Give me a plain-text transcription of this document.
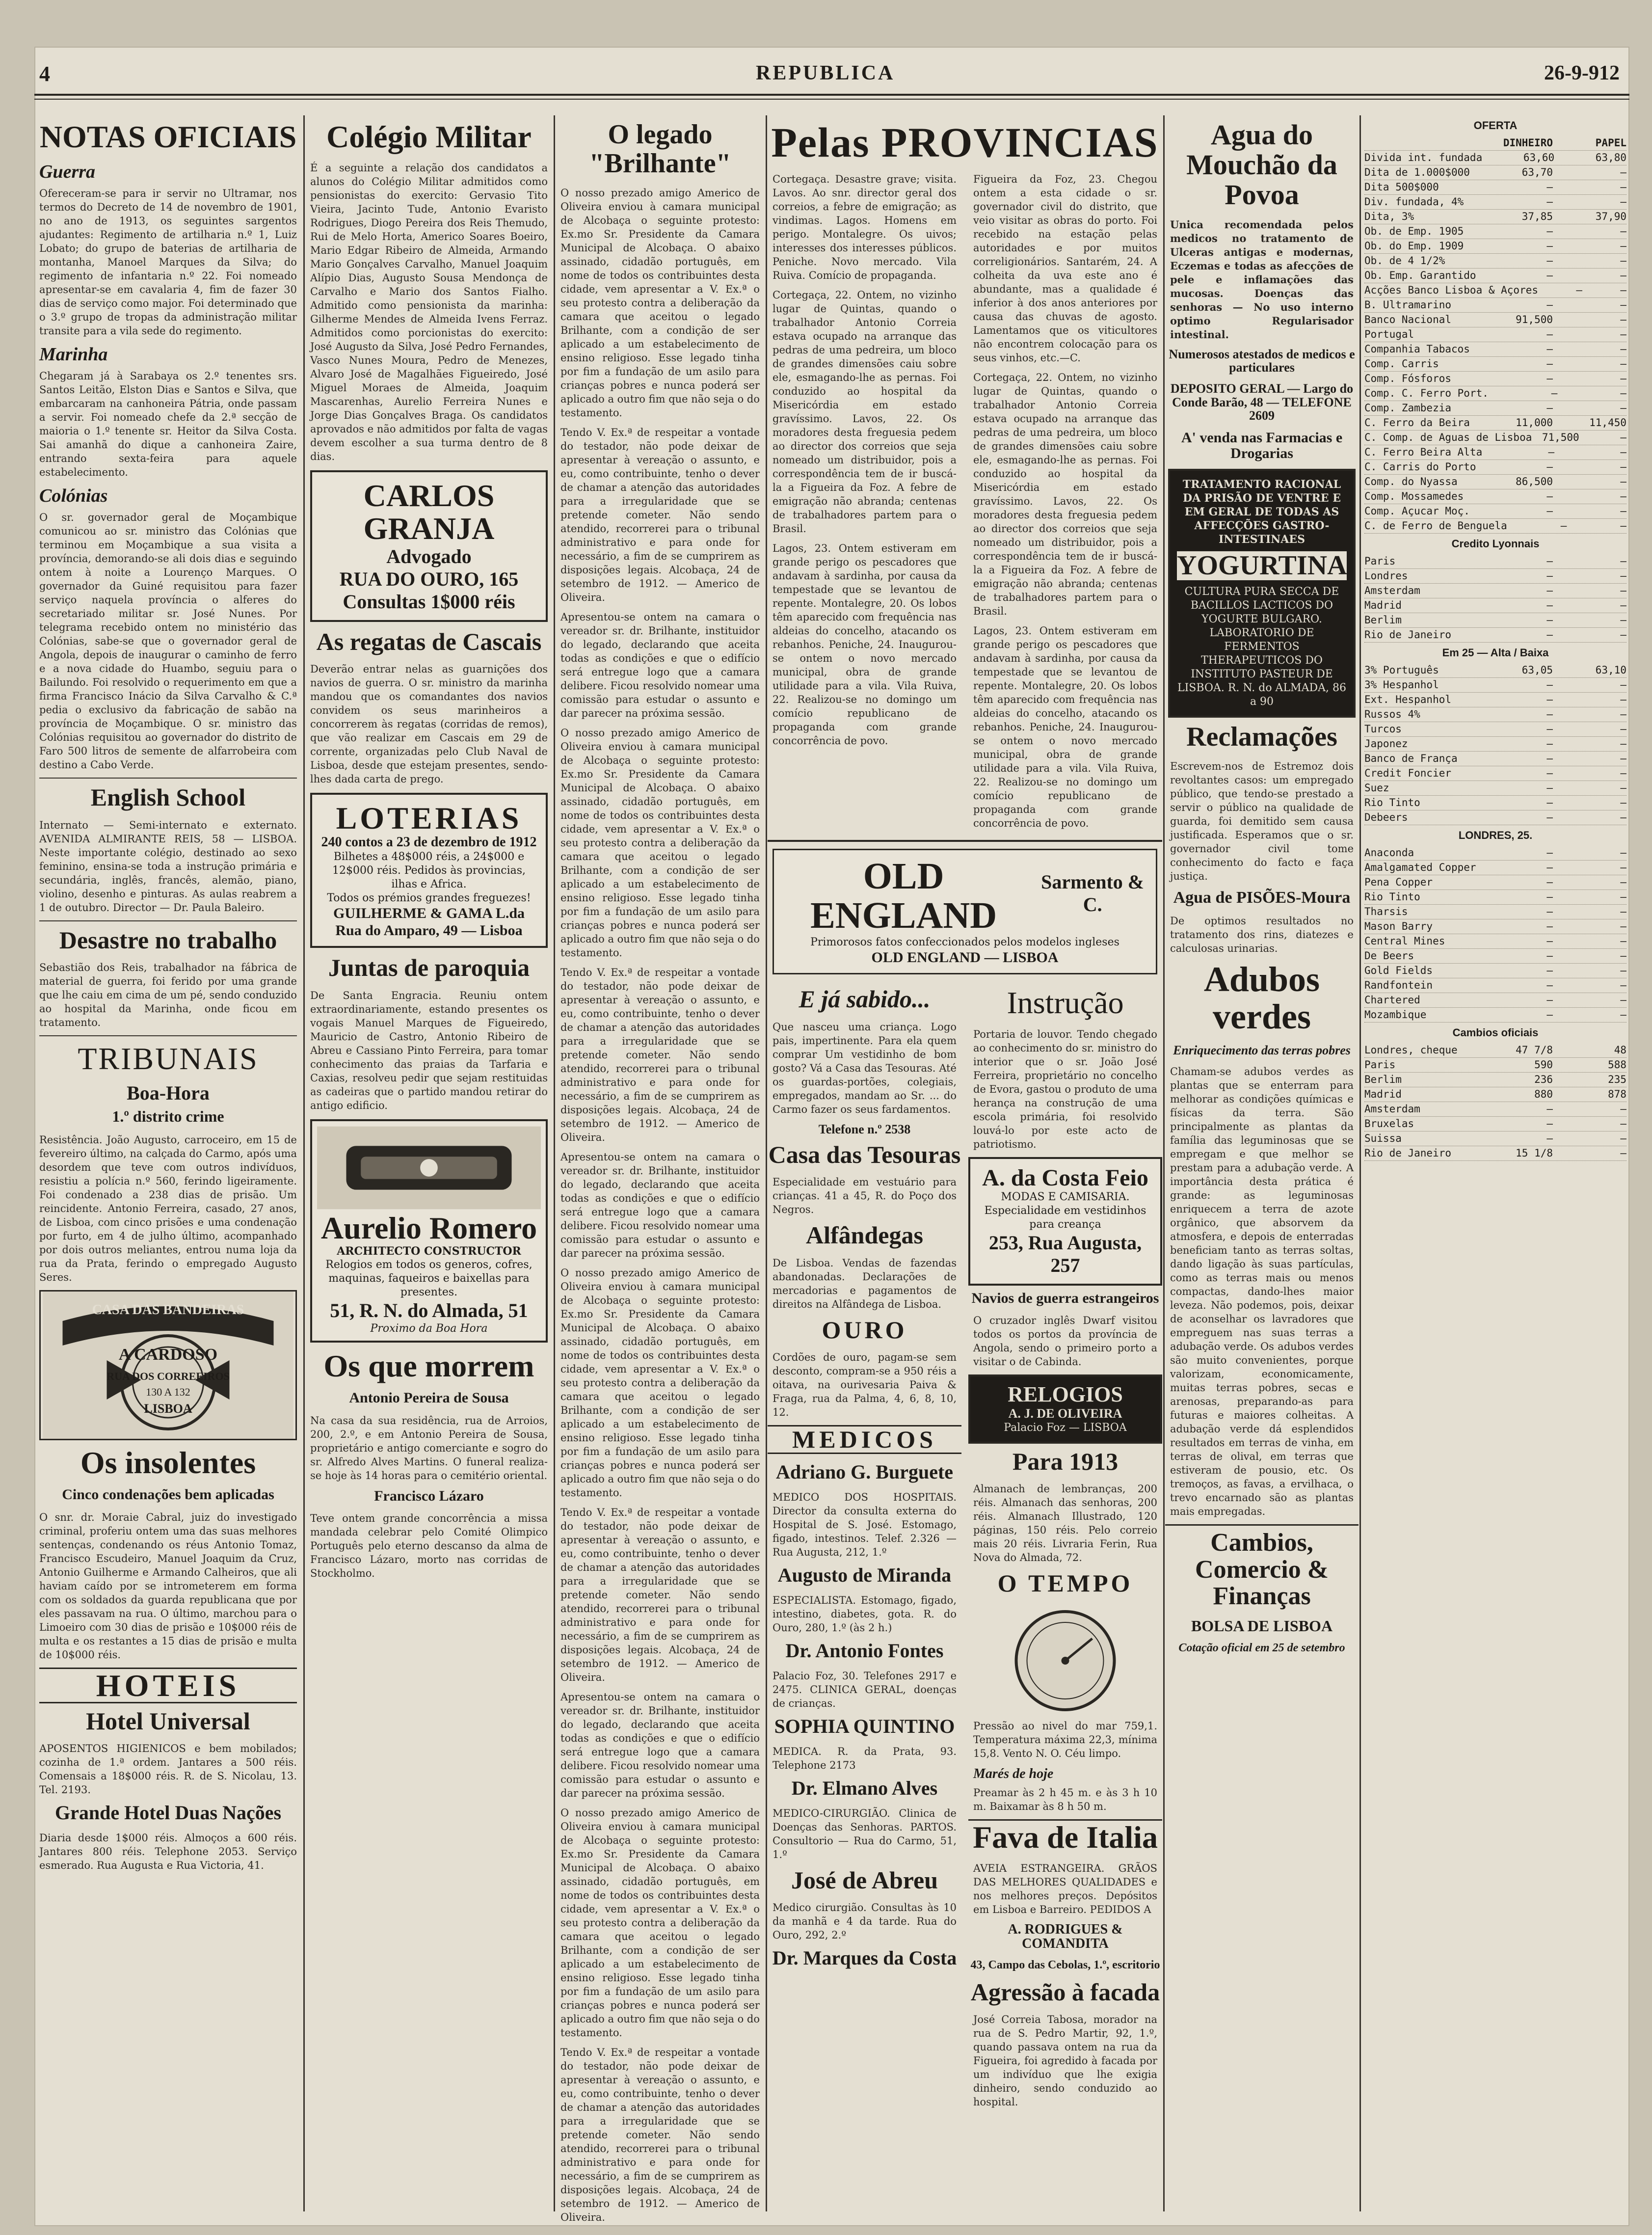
4	REPUBLICA	26-9-912
NOTAS OFICIAIS
Guerra
Ofereceram-se para ir servir no Ultramar, nos termos do Decreto de 14 de novembro de 1901, no ano de 1913, os seguintes sargentos ajudantes: Regimento de artilharia n.º 1, Luiz Lobato; do grupo de baterias de artilharia de montanha, Manoel Marques da Silva; do regimento de infantaria n.º 22. Foi nomeado apresentar-se em cavalaria 4, fim de fazer 30 dias de serviço como major. Foi determinado que o 3.º grupo de tropas da administração militar transite para a vila sede do regimento.
Marinha
Chegaram já à Sarabaya os 2.º tenentes srs. Santos Leitão, Elston Dias e Santos e Silva, que embarcaram na canhoneira Pátria, onde passam a servir. Foi nomeado chefe da 2.ª secção de maioria o 1.º tenente sr. Heitor da Silva Costa. Sai amanhã do dique a canhoneira Zaire, entrando sexta-feira para aquele estabelecimento.
Colónias
O sr. governador geral de Moçambique comunicou ao sr. ministro das Colónias que terminou em Moçambique a sua visita a província, demorando-se ali dois dias e seguindo ontem à noite a Lourenço Marques. O governador da Guiné requisitou para fazer serviço naquela província o alferes do secretariado militar sr. José Nunes. Por telegrama recebido ontem no ministério das Colónias, sabe-se que o governador geral de Angola, depois de inaugurar o caminho de ferro e a nova cidade do Huambo, seguiu para o Bailundo. Foi resolvido o requerimento em que a firma Francisco Inácio da Silva Carvalho & C.ª pedia o exclusivo da fabricação de sabão na província de Moçambique. O sr. ministro das Colónias requisitou ao governador do distrito de Faro 500 litros de semente de alfarrobeira com destino a Cabo Verde.
English School
Internato — Semi-internato e externato. AVENIDA ALMIRANTE REIS, 58 — LISBOA. Neste importante colégio, destinado ao sexo feminino, ensina-se toda a instrução primária e secundária, inglês, francês, alemão, piano, violino, desenho e pinturas. As aulas reabrem a 1 de outubro. Director — Dr. Paula Baleiro.
Desastre no trabalho
Sebastião dos Reis, trabalhador na fábrica de material de guerra, foi ferido por uma grande que lhe caiu em cima de um pé, sendo conduzido ao hospital da Marinha, onde ficou em tratamento.
TRIBUNAIS
Boa-Hora
1.º distrito crime
Resistência. João Augusto, carroceiro, em 15 de fevereiro último, na calçada do Carmo, após uma desordem que teve com outros indivíduos, resistiu a polícia n.º 560, ferindo ligeiramente. Foi condenado a 238 dias de prisão. Um reincidente. Antonio Ferreira, casado, 27 anos, de Lisboa, com cinco prisões e uma condenação por furto, em 4 de julho último, acompanhado por dois outros meliantes, entrou numa loja da rua da Prata, ferindo o empregado Augusto Seres.
CASA DAS BANDEIRAS
A CARDOSO
RUA DOS CORREEIROS
130 A 132
LISBOA
Os insolentes
Cinco condenações bem aplicadas
O snr. dr. Moraie Cabral, juiz do investigado criminal, proferiu ontem uma das suas melhores sentenças, condenando os réus Antonio Tomaz, Francisco Escudeiro, Manuel Joaquim da Cruz, Antonio Guilherme e Armando Calheiros, que ali haviam caído por se intrometerem em forma com os soldados da guarda republicana que por eles passavam na rua. O último, marchou para o Limoeiro com 30 dias de prisão e 10$000 réis de multa e os restantes a 15 dias de prisão e multa de 10$000 réis.
HOTEIS
Hotel Universal
APOSENTOS HIGIENICOS e bem mobilados; cozinha de 1.ª ordem. Jantares a 500 réis. Comensais a 18$000 réis. R. de S. Nicolau, 13. Tel. 2193.
Grande Hotel Duas Nações
Diaria desde 1$000 réis. Almoços a 600 réis. Jantares 800 réis. Telephone 2053. Serviço esmerado. Rua Augusta e Rua Victoria, 41.
Colégio Militar
É a seguinte a relação dos candidatos a alunos do Colégio Militar admitidos como pensionistas do exercito: Gervasio Tito Vieira, Jacinto Tude, Antonio Evaristo Rodrigues, Diogo Pereira dos Reis Themudo, Rui de Melo Horta, Americo Soares Boeiro, Mario Edgar Ribeiro de Almeida, Armando Mario Gonçalves Carvalho, Manuel Joaquim Alípio Dias, Augusto Sousa Mendonça de Carvalho e Mario dos Santos Fialho. Admitido como pensionista da marinha: Gilherme Mendes de Almeida Ivens Ferraz. Admitidos como porcionistas do exercito: José Augusto da Silva, José Pedro Fernandes, Vasco Nunes Moura, Pedro de Menezes, Alvaro José de Magalhães Figueiredo, José Miguel Moraes de Almeida, Joaquim Mascarenhas, Aurelio Ferreira Nunes e Jorge Dias Gonçalves Braga. Os candidatos aprovados e não admitidos por falta de vagas devem escolher a sua turma dentro de 8 dias.
CARLOS GRANJA
Advogado
RUA DO OURO, 165
Consultas 1$000 réis
As regatas de Cascais
Deverão entrar nelas as guarnições dos navios de guerra. O sr. ministro da marinha mandou que os comandantes dos navios convidem os seus marinheiros a concorrerem às regatas (corridas de remos), que vão realizar em Cascais em 29 de corrente, organizadas pelo Club Naval de Lisboa, desde que estejam presentes, sendo-lhes dada carta de prego.
LOTERIAS
240 contos a 23 de dezembro de 1912
Bilhetes a 48$000 réis, a 24$000 e 12$000 réis. Pedidos às provincias, ilhas e Africa.
Todos os prémios grandes freguezes!
GUILHERME & GAMA L.da
Rua do Amparo, 49 — Lisboa
Juntas de paroquia
De Santa Engracia. Reuniu ontem extraordinariamente, estando presentes os vogais Manuel Marques de Figueiredo, Mauricio de Castro, Antonio Ribeiro de Abreu e Cassiano Pinto Ferreira, para tomar conhecimento das praias da Tarfaria e Caxias, resolveu pedir que sejam restituidas as cadeiras que o partido mandou retirar do antigo edificio.
Aurelio Romero
ARCHITECTO CONSTRUCTOR
Relogios em todos os generos, cofres, maquinas, faqueiros e baixellas para presentes.
51, R. N. do Almada, 51
Proximo da Boa Hora
Os que morrem
Antonio Pereira de Sousa
Na casa da sua residência, rua de Arroios, 200, 2.º, e em Antonio Pereira de Sousa, proprietário e antigo comerciante e sogro do sr. Alfredo Alves Martins. O funeral realiza-se hoje às 14 horas para o cemitério oriental.
Francisco Lázaro
Teve ontem grande concorrência a missa mandada celebrar pelo Comité Olimpico Português pelo eterno descanso da alma de Francisco Lázaro, morto nas corridas de Stockholmo.
O legado "Brilhante"
O nosso prezado amigo Americo de Oliveira enviou à camara municipal de Alcobaça o seguinte protesto: Ex.mo Sr. Presidente da Camara Municipal de Alcobaça. O abaixo assinado, cidadão português, em nome de todos os contribuintes desta cidade, vem apresentar a V. Ex.ª o seu protesto contra a deliberação da camara que aceitou o legado Brilhante, com a condição de ser aplicado a um estabelecimento de ensino religioso. Esse legado tinha por fim a fundação de um asilo para crianças pobres e nunca poderá ser aplicado a outro fim que não seja o do testamento.
Tendo V. Ex.ª de respeitar a vontade do testador, não pode deixar de apresentar à vereação o assunto, e eu, como contribuinte, tenho o dever de chamar a atenção das autoridades para a irregularidade que se pretende cometer. Não sendo atendido, recorrerei para o tribunal administrativo e para onde for necessário, a fim de se cumprirem as disposições legais. Alcobaça, 24 de setembro de 1912. — Americo de Oliveira.
Apresentou-se ontem na camara o vereador sr. dr. Brilhante, instituidor do legado, declarando que aceita todas as condições e que o edifício será entregue logo que a camara delibere. Ficou resolvido nomear uma comissão para estudar o assunto e dar parecer na próxima sessão.
O nosso prezado amigo Americo de Oliveira enviou à camara municipal de Alcobaça o seguinte protesto: Ex.mo Sr. Presidente da Camara Municipal de Alcobaça. O abaixo assinado, cidadão português, em nome de todos os contribuintes desta cidade, vem apresentar a V. Ex.ª o seu protesto contra a deliberação da camara que aceitou o legado Brilhante, com a condição de ser aplicado a um estabelecimento de ensino religioso. Esse legado tinha por fim a fundação de um asilo para crianças pobres e nunca poderá ser aplicado a outro fim que não seja o do testamento.
Tendo V. Ex.ª de respeitar a vontade do testador, não pode deixar de apresentar à vereação o assunto, e eu, como contribuinte, tenho o dever de chamar a atenção das autoridades para a irregularidade que se pretende cometer. Não sendo atendido, recorrerei para o tribunal administrativo e para onde for necessário, a fim de se cumprirem as disposições legais. Alcobaça, 24 de setembro de 1912. — Americo de Oliveira.
Apresentou-se ontem na camara o vereador sr. dr. Brilhante, instituidor do legado, declarando que aceita todas as condições e que o edifício será entregue logo que a camara delibere. Ficou resolvido nomear uma comissão para estudar o assunto e dar parecer na próxima sessão.
O nosso prezado amigo Americo de Oliveira enviou à camara municipal de Alcobaça o seguinte protesto: Ex.mo Sr. Presidente da Camara Municipal de Alcobaça. O abaixo assinado, cidadão português, em nome de todos os contribuintes desta cidade, vem apresentar a V. Ex.ª o seu protesto contra a deliberação da camara que aceitou o legado Brilhante, com a condição de ser aplicado a um estabelecimento de ensino religioso. Esse legado tinha por fim a fundação de um asilo para crianças pobres e nunca poderá ser aplicado a outro fim que não seja o do testamento.
Tendo V. Ex.ª de respeitar a vontade do testador, não pode deixar de apresentar à vereação o assunto, e eu, como contribuinte, tenho o dever de chamar a atenção das autoridades para a irregularidade que se pretende cometer. Não sendo atendido, recorrerei para o tribunal administrativo e para onde for necessário, a fim de se cumprirem as disposições legais. Alcobaça, 24 de setembro de 1912. — Americo de Oliveira.
Apresentou-se ontem na camara o vereador sr. dr. Brilhante, instituidor do legado, declarando que aceita todas as condições e que o edifício será entregue logo que a camara delibere. Ficou resolvido nomear uma comissão para estudar o assunto e dar parecer na próxima sessão.
O nosso prezado amigo Americo de Oliveira enviou à camara municipal de Alcobaça o seguinte protesto: Ex.mo Sr. Presidente da Camara Municipal de Alcobaça. O abaixo assinado, cidadão português, em nome de todos os contribuintes desta cidade, vem apresentar a V. Ex.ª o seu protesto contra a deliberação da camara que aceitou o legado Brilhante, com a condição de ser aplicado a um estabelecimento de ensino religioso. Esse legado tinha por fim a fundação de um asilo para crianças pobres e nunca poderá ser aplicado a outro fim que não seja o do testamento.
Tendo V. Ex.ª de respeitar a vontade do testador, não pode deixar de apresentar à vereação o assunto, e eu, como contribuinte, tenho o dever de chamar a atenção das autoridades para a irregularidade que se pretende cometer. Não sendo atendido, recorrerei para o tribunal administrativo e para onde for necessário, a fim de se cumprirem as disposições legais. Alcobaça, 24 de setembro de 1912. — Americo de Oliveira.
Pelas PROVINCIAS
Cortegaça. Desastre grave; visita. Lavos. Ao snr. director geral dos correios, a febre de emigração; as vindimas. Lagos. Homens em perigo. Montalegre. Os uivos; interesses dos interesses públicos. Peniche. Novo mercado. Vila Ruiva. Comício de propaganda.
Cortegaça, 22. Ontem, no vizinho lugar de Quintas, quando o trabalhador Antonio Correia estava ocupado na arranque das pedras de uma pedreira, um bloco de grandes dimensões caiu sobre ele, esmagando-lhe as pernas. Foi conduzido ao hospital da Misericórdia em estado gravíssimo. Lavos, 22. Os moradores desta freguesia pedem ao director dos correios que seja nomeado um distribuidor, pois a correspondência tem de ir buscá-la a Figueira da Foz. A febre de emigração não abranda; centenas de trabalhadores partem para o Brasil.
Lagos, 23. Ontem estiveram em grande perigo os pescadores que andavam à sardinha, por causa da tempestade que se levantou de repente. Montalegre, 20. Os lobos têm aparecido com frequência nas aldeias do concelho, atacando os rebanhos. Peniche, 24. Inaugurou-se ontem o novo mercado municipal, obra de grande utilidade para a vila. Vila Ruiva, 22. Realizou-se no domingo um comício republicano de propaganda com grande concorrência de povo.
Figueira da Foz, 23. Chegou ontem a esta cidade o sr. governador civil do distrito, que veio visitar as obras do porto. Foi recebido na estação pelas autoridades e por muitos correligionários. Santarém, 24. A colheita da uva este ano é abundante, mas a qualidade é inferior à dos anos anteriores por causa das chuvas de agosto. Lamentamos que os viticultores não encontrem colocação para os seus vinhos, etc.—C.
Cortegaça, 22. Ontem, no vizinho lugar de Quintas, quando o trabalhador Antonio Correia estava ocupado na arranque das pedras de uma pedreira, um bloco de grandes dimensões caiu sobre ele, esmagando-lhe as pernas. Foi conduzido ao hospital da Misericórdia em estado gravíssimo. Lavos, 22. Os moradores desta freguesia pedem ao director dos correios que seja nomeado um distribuidor, pois a correspondência tem de ir buscá-la a Figueira da Foz. A febre de emigração não abranda; centenas de trabalhadores partem para o Brasil.
Lagos, 23. Ontem estiveram em grande perigo os pescadores que andavam à sardinha, por causa da tempestade que se levantou de repente. Montalegre, 20. Os lobos têm aparecido com frequência nas aldeias do concelho, atacando os rebanhos. Peniche, 24. Inaugurou-se ontem o novo mercado municipal, obra de grande utilidade para a vila. Vila Ruiva, 22. Realizou-se no domingo um comício republicano de propaganda com grande concorrência de povo.
OLD ENGLAND
Sarmento & C.
Primorosos fatos confeccionados pelos modelos ingleses
OLD ENGLAND — LISBOA
E já sabido...
Que nasceu uma criança. Logo pais, impertinente. Para ela quem comprar Um vestidinho de bom gosto? Vá a Casa das Tesouras. Até os guardas-portões, colegiais, empregados, mandam ao Sr. ... do Carmo fazer os seus fardamentos.
Telefone n.º 2538
Casa das Tesouras
Especialidade em vestuário para crianças. 41 a 45, R. do Poço dos Negros.
Alfândegas
De Lisboa. Vendas de fazendas abandonadas. Declarações de mercadorias e pagamentos de direitos na Alfândega de Lisboa.
OURO
Cordões de ouro, pagam-se sem desconto, compram-se a 950 réis a oitava, na ourivesaria Paiva & Fraga, rua da Palma, 4, 6, 8, 10, 12.
MEDICOS
Adriano G. Burguete
MEDICO DOS HOSPITAIS. Director da consulta externa do Hospital de S. José. Estomago, figado, intestinos. Telef. 2.326 — Rua Augusta, 212, 1.º
Augusto de Miranda
ESPECIALISTA. Estomago, figado, intestino, diabetes, gota. R. do Ouro, 280, 1.º (às 2 h.)
Dr. Antonio Fontes
Palacio Foz, 30. Telefones 2917 e 2475. CLINICA GERAL, doenças de crianças.
SOPHIA QUINTINO
MEDICA. R. da Prata, 93. Telephone 2173
Dr. Elmano Alves
MEDICO-CIRURGIÃO. Clinica de Doenças das Senhoras. PARTOS. Consultorio — Rua do Carmo, 51, 1.º
José de Abreu
Medico cirurgião. Consultas às 10 da manhã e 4 da tarde. Rua do Ouro, 292, 2.º
Dr. Marques da Costa
Instrução
Portaria de louvor. Tendo chegado ao conhecimento do sr. ministro do interior que o sr. João José Ferreira, proprietário no concelho de Evora, gastou o produto de uma herança na construção de uma escola primária, foi resolvido louvá-lo por este acto de patriotismo.
A. da Costa Feio
MODAS E CAMISARIA. Especialidade em vestidinhos para creança
253, Rua Augusta, 257
Navios de guerra estrangeiros
O cruzador inglês Dwarf visitou todos os portos da província de Angola, sendo o primeiro porto a visitar o de Cabinda.
RELOGIOS
A. J. DE OLIVEIRA
Palacio Foz — LISBOA
Para 1913
Almanach de lembranças, 200 réis. Almanach das senhoras, 200 réis. Almanach Illustrado, 120 páginas, 150 réis. Pelo correio mais 20 réis. Livraria Ferin, Rua Nova do Almada, 72.
O TEMPO
Pressão ao nivel do mar 759,1. Temperatura máxima 22,3, mínima 15,8. Vento N. O. Céu limpo.
Marés de hoje
Preamar às 2 h 45 m. e às 3 h 10 m. Baixamar às 8 h 50 m.
Fava de Italia
AVEIA ESTRANGEIRA. GRÃOS DAS MELHORES QUALIDADES e nos melhores preços. Depósitos em Lisboa e Barreiro. PEDIDOS A
A. RODRIGUES & COMANDITA
43, Campo das Cebolas, 1.º, escritorio
Agressão à facada
José Correia Tabosa, morador na rua de S. Pedro Martir, 92, 1.º, quando passava ontem na rua da Figueira, foi agredido à facada por um indivíduo que lhe exigia dinheiro, sendo conduzido ao hospital.
Agua do Mouchão da Povoa
Unica recomendada pelos medicos no tratamento de Ulceras antigas e modernas, Eczemas e todas as afecções de pele e inflamações das mucosas. Doenças das senhoras — No uso interno optimo Regularisador intestinal.
Numerosos atestados de medicos e particulares
DEPOSITO GERAL — Largo do Conde Barão, 48 — TELEFONE 2609
A' venda nas Farmacias e Drogarias
TRATAMENTO RACIONAL DA PRISÃO DE VENTRE E EM GERAL DE TODAS AS AFFECÇÕES GASTRO-INTESTINAES
YOGURTINA
CULTURA PURA SECCA DE BACILLOS LACTICOS DO YOGURTE BULGARO. LABORATORIO DE FERMENTOS THERAPEUTICOS DO INSTITUTO PASTEUR DE LISBOA. R. N. do ALMADA, 86 a 90
Reclamações
Escrevem-nos de Estremoz dois revoltantes casos: um empregado público, que tendo-se prestado a servir o público na qualidade de guarda, foi demitido sem causa justificada. Esperamos que o sr. governador civil tome conhecimento do facto e faça justiça.
Agua de PISÕES-Moura
De optimos resultados no tratamento dos rins, diatezes e calculosas urinarias.
Adubos verdes
Enriquecimento das terras pobres
Chamam-se adubos verdes as plantas que se enterram para melhorar as condições químicas e físicas da terra. São principalmente as plantas da família das leguminosas que se empregam e que melhor se prestam para a adubação verde. A importância desta prática é grande: as leguminosas enriquecem a terra de azote orgânico, que absorvem da atmosfera, e depois de enterradas beneficiam tanto as terras soltas, dando ligação às suas partículas, como as terras mais ou menos compactas, dando-lhes maior leveza. Não podemos, pois, deixar de aconselhar os lavradores que empreguem nas suas terras a adubação verde. Os adubos verdes são muito convenientes, porque valorizam, economicamente, muitas terras pobres, secas e arenosas, preparando-as para futuras e maiores colheitas. A adubação verde dá esplendidos resultados em terras de vinha, em terras de olival, em terras que estiveram de pousio, etc. Os tremoços, as favas, a ervilhaca, o trevo encarnado são as plantas mais empregadas.
Cambios, Comercio & Finanças
BOLSA DE LISBOA
Cotação oficial em 25 de setembro
OFERTA
DINHEIRO	PAPEL
Divida int. fundada	63,60	63,80
Dita de 1.000$000	63,70	—
Dita 500$000	—	—
Div. fundada, 4%	—	—
Dita, 3%	37,85	37,90
Ob. de Emp. 1905	—	—
Ob. do Emp. 1909	—	—
Ob. de 4 1/2%	—	—
Ob. Emp. Garantido	—	—
Acções Banco Lisboa & Açores	—	—
B. Ultramarino	—	—
Banco Nacional	91,500	—
Portugal	—	—
Companhia Tabacos	—	—
Comp. Carris	—	—
Comp. Fósforos	—	—
Comp. C. Ferro Port.	—	—
Comp. Zambezia	—	—
C. Ferro da Beira	11,000	11,450
C. Comp. de Aguas de Lisboa 71,500	—
C. Ferro Beira Alta	—	—
C. Carris do Porto	—	—
Comp. do Nyassa	86,500	—
Comp. Mossamedes	—	—
Comp. Açucar Moç.	—	—
C. de Ferro de Benguela	—	—
Credito Lyonnais
Paris	—	—
Londres	—	—
Amsterdam	—	—
Madrid	—	—
Berlim	—	—
Rio de Janeiro	—	—
Em 25 — Alta / Baixa
3% Português	63,05	63,10
3% Hespanhol	—	—
Ext. Hespanhol	—	—
Russos 4%	—	—
Turcos	—	—
Japonez	—	—
Banco de França	—	—
Credit Foncier	—	—
Suez	—	—
Rio Tinto	—	—
Debeers	—	—
LONDRES, 25.
Anaconda	—	—
Amalgamated Copper	—	—
Pena Copper	—	—
Rio Tinto	—	—
Tharsis	—	—
Mason Barry	—	—
Central Mines	—	—
De Beers	—	—
Gold Fields	—	—
Randfontein	—	—
Chartered	—	—
Mozambique	—	—
Cambios oficiais
Londres, cheque	47 7/8	48
Paris	590	588
Berlim	236	235
Madrid	880	878
Amsterdam	—	—
Bruxelas	—	—
Suissa	—	—
Rio de Janeiro	15 1/8	—
